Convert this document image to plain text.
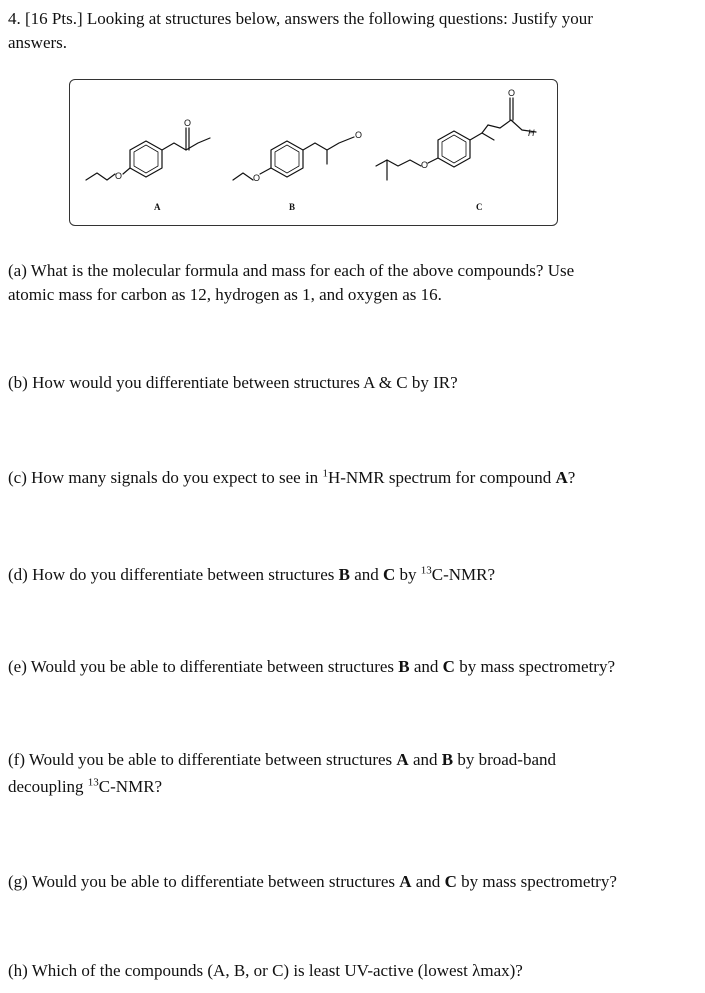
4. [16 Pts.] Looking at structures below, answers the following questions: Justify your
answers.
O
O
O
O
O
O
H
A	B	C
(a) What is the molecular formula and mass for each of the above compounds? Use
atomic mass for carbon as 12, hydrogen as 1, and oxygen as 16.
(b) How would you differentiate between structures A & C by IR?
(c) How many signals do you expect to see in $^1$H-NMR spectrum for compound A?
(d) How do you differentiate between structures B and C by $^{13}$C-NMR?
(e) Would you be able to differentiate between structures B and C by mass spectrometry?
(f) Would you be able to differentiate between structures A and B by broad-band
decoupling $^{13}$C-NMR?
(g) Would you be able to differentiate between structures A and C by mass spectrometry?
(h) Which of the compounds (A, B, or C) is least UV-active (lowest λmax)?
